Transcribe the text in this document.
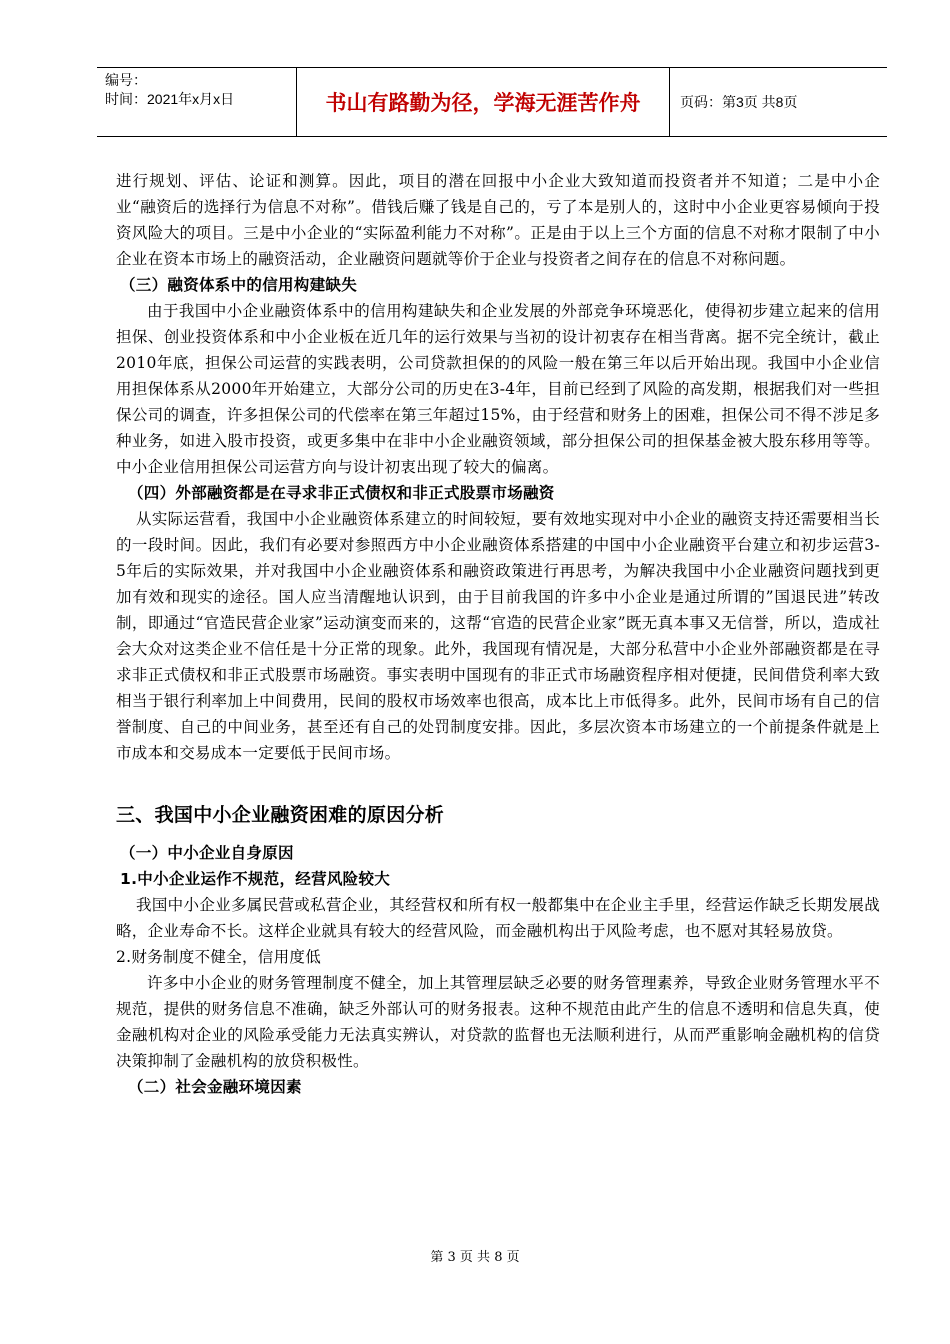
编号：
时间：2021年x月x日	书山有路勤为径，学海无涯苦作舟	页码：第3页 共8页

进行规划、评估、论证和测算。因此，项目的潜在回报中小企业大致知道而投资者并不知道；二是中小企业“融资后的选择行为信息不对称”。借钱后赚了钱是自己的，亏了本是别人的，这时中小企业更容易倾向于投资风险大的项目。三是中小企业的“实际盈利能力不对称”。正是由于以上三个方面的信息不对称才限制了中小企业在资本市场上的融资活动，企业融资问题就等价于企业与投资者之间存在的信息不对称问题。

（三）融资体系中的信用构建缺失

由于我国中小企业融资体系中的信用构建缺失和企业发展的外部竞争环境恶化，使得初步建立起来的信用担保、创业投资体系和中小企业板在近几年的运行效果与当初的设计初衷存在相当背离。据不完全统计，截止2010年底，担保公司运营的实践表明，公司贷款担保的的风险一般在第三年以后开始出现。我国中小企业信用担保体系从2000年开始建立，大部分公司的历史在3-4年，目前已经到了风险的高发期，根据我们对一些担保公司的调查，许多担保公司的代偿率在第三年超过15%，由于经营和财务上的困难，担保公司不得不涉足多种业务，如进入股市投资，或更多集中在非中小企业融资领域，部分担保公司的担保基金被大股东移用等等。中小企业信用担保公司运营方向与设计初衷出现了较大的偏离。

（四）外部融资都是在寻求非正式债权和非正式股票市场融资

从实际运营看，我国中小企业融资体系建立的时间较短，要有效地实现对中小企业的融资支持还需要相当长的一段时间。因此，我们有必要对参照西方中小企业融资体系搭建的中国中小企业融资平台建立和初步运营3-5年后的实际效果，并对我国中小企业融资体系和融资政策进行再思考，为解决我国中小企业融资问题找到更加有效和现实的途径。国人应当清醒地认识到，由于目前我国的许多中小企业是通过所谓的”国退民进”转改制，即通过“官造民营企业家”运动演变而来的，这帮“官造的民营企业家”既无真本事又无信誉，所以，造成社会大众对这类企业不信任是十分正常的现象。此外，我国现有情况是，大部分私营中小企业外部融资都是在寻求非正式债权和非正式股票市场融资。事实表明中国现有的非正式市场融资程序相对便捷，民间借贷利率大致相当于银行利率加上中间费用，民间的股权市场效率也很高，成本比上市低得多。此外，民间市场有自己的信誉制度、自己的中间业务，甚至还有自己的处罚制度安排。因此，多层次资本市场建立的一个前提条件就是上市成本和交易成本一定要低于民间市场。

三、我国中小企业融资困难的原因分析

（一）中小企业自身原因

1.中小企业运作不规范，经营风险较大

我国中小企业多属民营或私营企业，其经营权和所有权一般都集中在企业主手里，经营运作缺乏长期发展战略，企业寿命不长。这样企业就具有较大的经营风险，而金融机构出于风险考虑，也不愿对其轻易放贷。

2.财务制度不健全，信用度低

许多中小企业的财务管理制度不健全，加上其管理层缺乏必要的财务管理素养，导致企业财务管理水平不规范，提供的财务信息不准确，缺乏外部认可的财务报表。这种不规范由此产生的信息不透明和信息失真，使金融机构对企业的风险承受能力无法真实辨认，对贷款的监督也无法顺利进行，从而严重影响金融机构的信贷决策抑制了金融机构的放贷积极性。

（二）社会金融环境因素

第 3 页 共 8 页
